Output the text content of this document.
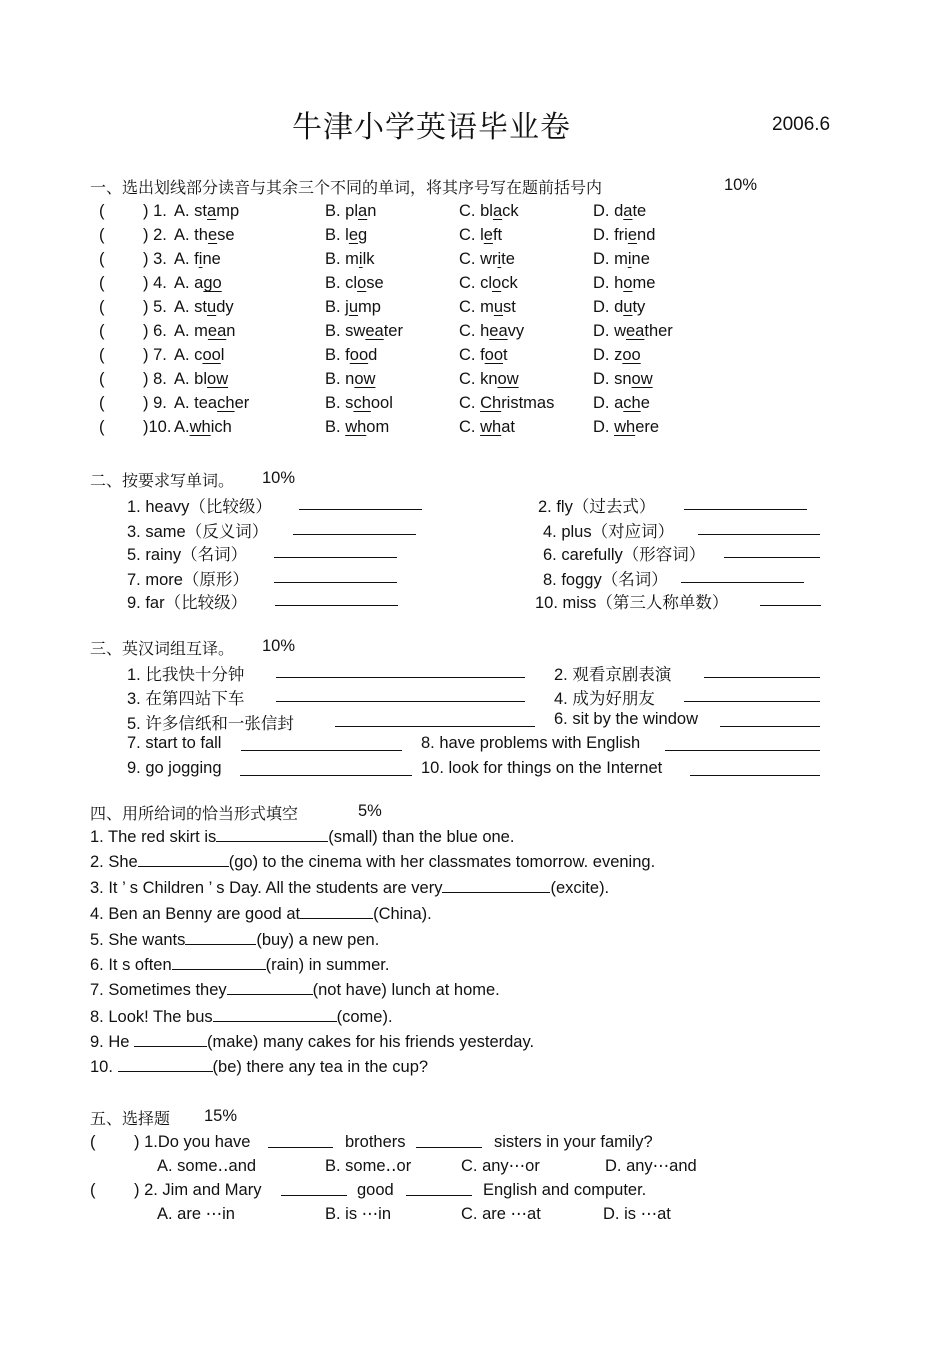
牛津小学英语毕业卷	2006.6
一、选出划线部分读音与其余三个不同的单词，将其序号写在题前括号内	10%
( ) 1. A. stamp	B. plan	C. black	D. date
( ) 2. A. these	B. leg	C. left	D. friend
( ) 3. A. fine	B. milk	C. write	D. mine
( ) 4. A. ago	B. close	C. clock	D. home
( ) 5. A. study	B. jump	C. must	D. duty
( ) 6. A. mean	B. sweater	C. heavy	D. weather
( ) 7. A. cool	B. food	C. foot	D. zoo
( ) 8. A. blow	B. now	C. know	D. snow
( ) 9. A. teacher	B. school	C. Christmas D. ache
( )10. A.which	B. whom	C. what	D. where
二、按要求写单词。 10%
1. heavy（比较级）	2. fly（过去式）
3. same（反义词）	4. plus（对应词）
5. rainy（名词）	6. carefully（形容词）
7. more（原形）	8. foggy（名词）
9. far（比较级）	10. miss（第三人称单数）
三、英汉词组互译。 10%
1. 比我快十分钟	2. 观看京剧表演
3. 在第四站下车	4. 成为好朋友
5. 许多信纸和一张信封	6. sit by the window
7. start to fall	8. have problems with English
9. go jogging	10. look for things on the Internet
四、用所给词的恰当形式填空	5%
1. The red skirt is	(small) than the blue one.
2. She	(go) to the cinema with her classmates tomorrow. evening.
3. It ’ s Children ’ s Day. All the students are very	(excite).
4. Ben an Benny are good at	(China).
5. She wants	(buy) a new pen.
6. It s often	(rain) in summer.
7. Sometimes they	(not have) lunch at home.
8. Look! The bus	(come).
9. He	(make) many cakes for his friends yesterday.
10.	(be) there any tea in the cup?
五、选择题 15%
( ) 1.Do you have	brothers	sisters in your family?
A. some‥and	B. some‥or	C. any⋯or	D. any⋯and
( ) 2. Jim and Mary	good	English and computer.
A. are ⋯in	B. is ⋯in	C. are ⋯at	D. is ⋯at
